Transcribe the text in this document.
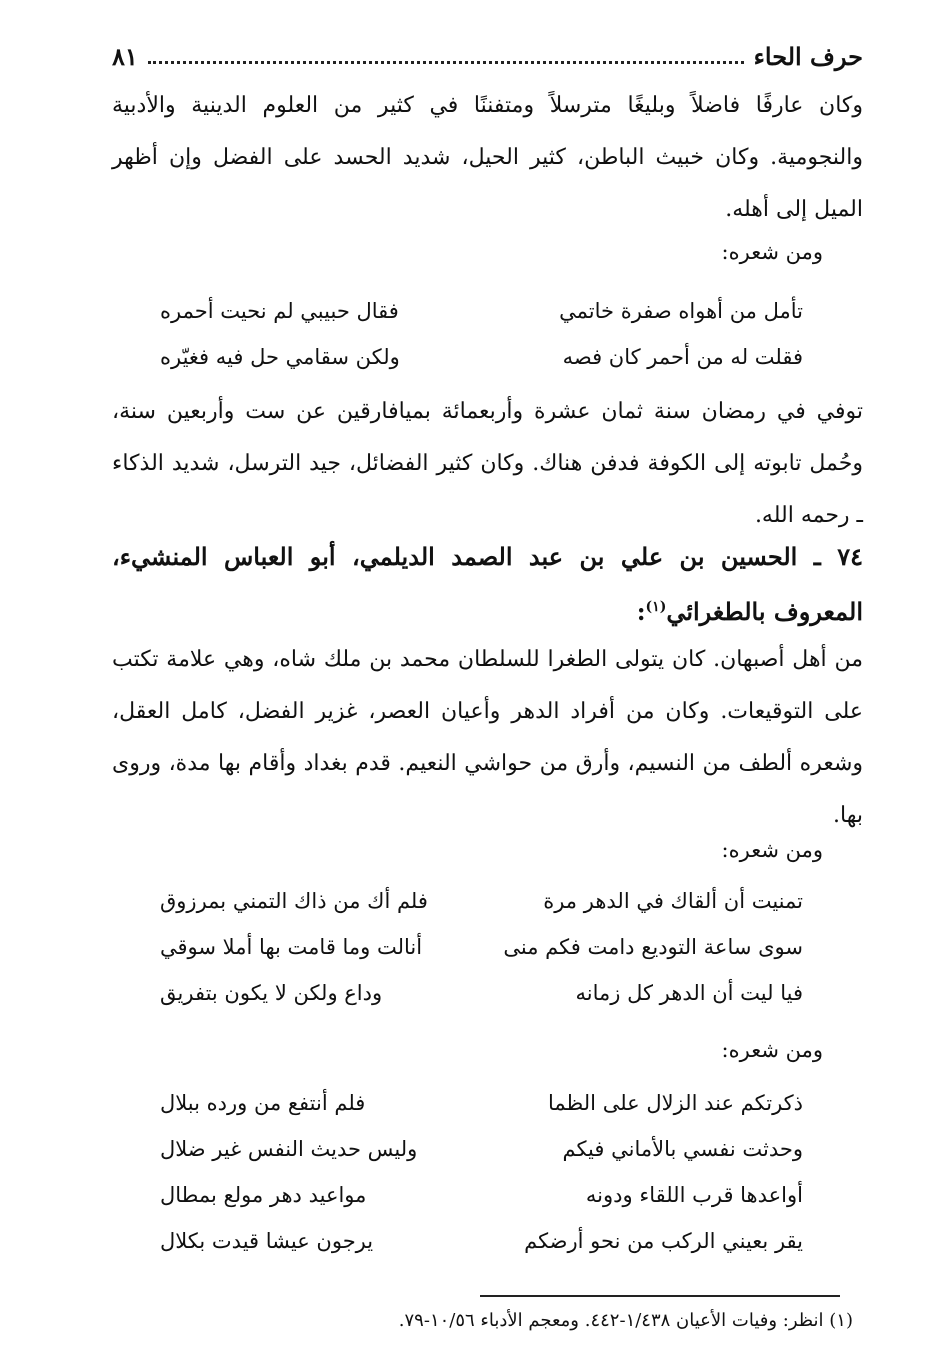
حرف الحاء
٨١
وكان عارفًا فاضلاً وبليغًا مترسلاً ومتفننًا في كثير من العلوم الدينية والأدبية والنجومية. وكان خبيث الباطن، كثير الحيل، شديد الحسد على الفضل وإن أظهر الميل إلى أهله.
ومن شعره:
تأمل من أهواه صفرة خاتمي
فقال حبيبي لم نحيت أحمره
فقلت له من أحمر كان فصه
ولكن سقامي حل فيه فغيّره
توفي في رمضان سنة ثمان عشرة وأربعمائة بميافارقين عن ست وأربعين سنة، وحُمل تابوته إلى الكوفة فدفن هناك. وكان كثير الفضائل، جيد الترسل، شديد الذكاء ـ رحمه الله.
٧٤ ـ الحسين بن علي بن عبد الصمد الديلمي، أبو العباس المنشيء، المعروف بالطغرائي$^{(١)}$:
من أهل أصبهان. كان يتولى الطغرا للسلطان محمد بن ملك شاه، وهي علامة تكتب على التوقيعات. وكان من أفراد الدهر وأعيان العصر، غزير الفضل، كامل العقل، وشعره ألطف من النسيم، وأرق من حواشي النعيم. قدم بغداد وأقام بها مدة، وروى بها.
ومن شعره:
تمنيت أن ألقاك في الدهر مرة
فلم أك من ذاك التمني بمرزوق
سوى ساعة التوديع دامت فكم منى
أنالت وما قامت بها أملا سوقي
فيا ليت أن الدهر كل زمانه
وداع ولكن لا يكون بتفريق
ومن شعره:
ذكرتكم عند الزلال على الظما
فلم أنتفع من ورده ببلال
وحدثت نفسي بالأماني فيكم
وليس حديث النفس غير ضلال
أواعدها قرب اللقاء ودونه
مواعيد دهر مولع بمطال
يقر بعيني الركب من نحو أرضكم
يرجون عيشا قيدت بكلال
(١) انظر: وفيات الأعيان ١/٤٣٨-٤٤٢. ومعجم الأدباء ١٠/٥٦-٧٩.
